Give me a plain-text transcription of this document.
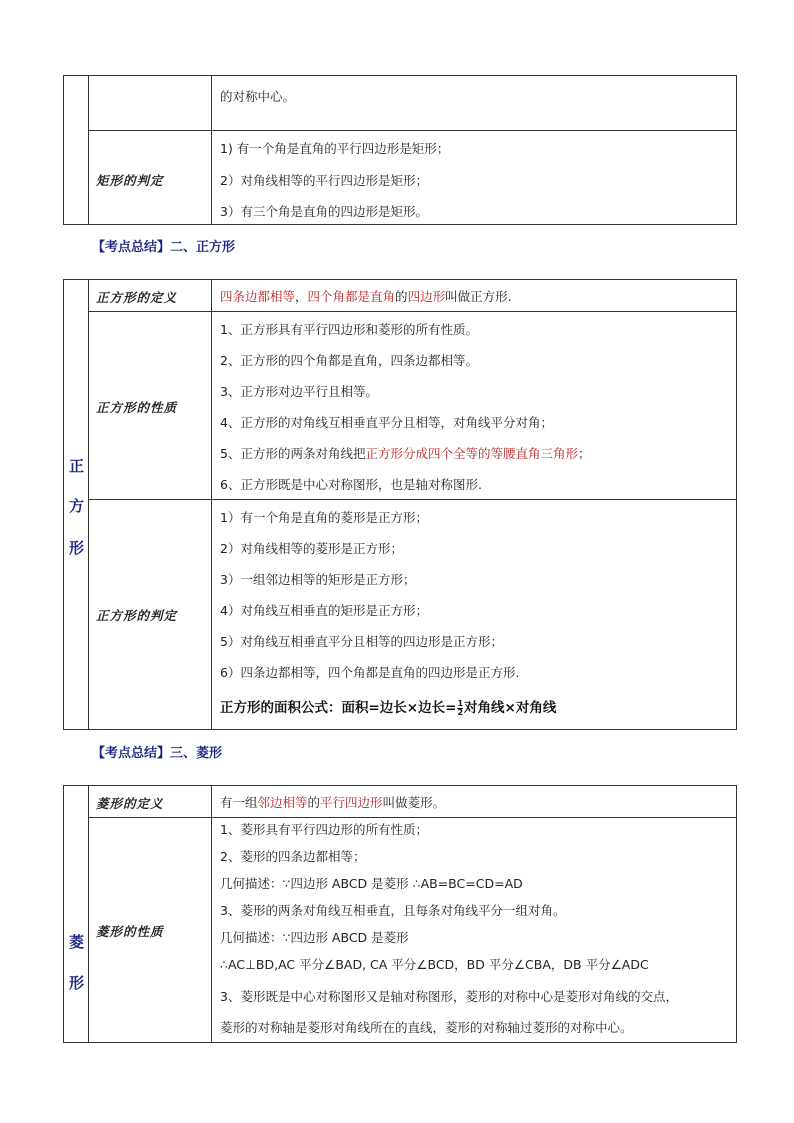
的对称中心。
矩形的判定
1) 有一个角是直角的平行四边形是矩形；
2）对角线相等的平行四边形是矩形；
3）有三个角是直角的四边形是矩形。
【考点总结】二、正方形
正
方
形
正方形的定义	四条边都相等，四个角都是直角的四边形叫做正方形.
正方形的性质
1、正方形具有平行四边形和菱形的所有性质。
2、正方形的四个角都是直角，四条边都相等。
3、正方形对边平行且相等。
4、正方形的对角线互相垂直平分且相等，对角线平分对角；
5、正方形的两条对角线把正方形分成四个全等的等腰直角三角形；
6、正方形既是中心对称图形，也是轴对称图形.
正方形的判定
1）有一个角是直角的菱形是正方形；
2）对角线相等的菱形是正方形；
3）一组邻边相等的矩形是正方形；
4）对角线互相垂直的矩形是正方形；
5）对角线互相垂直平分且相等的四边形是正方形；
6）四条边都相等，四个角都是直角的四边形是正方形.
正方形的面积公式：面积=边长×边长= $\frac{1}{2}$ 对角线×对角线
【考点总结】三、菱形
菱
形
菱形的定义	有一组邻边相等的平行四边形叫做菱形。
菱形的性质
1、菱形具有平行四边形的所有性质；
2、菱形的四条边都相等；
几何描述：∵四边形 ABCD 是菱形 ∴AB=BC=CD=AD
3、菱形的两条对角线互相垂直，且每条对角线平分一组对角。
几何描述：∵四边形 ABCD 是菱形
∴AC⊥BD,AC 平分∠BAD, CA 平分∠BCD，BD 平分∠CBA，DB 平分∠ADC
3、菱形既是中心对称图形又是轴对称图形，菱形的对称中心是菱形对角线的交点，
菱形的对称轴是菱形对角线所在的直线，菱形的对称轴过菱形的对称中心。
